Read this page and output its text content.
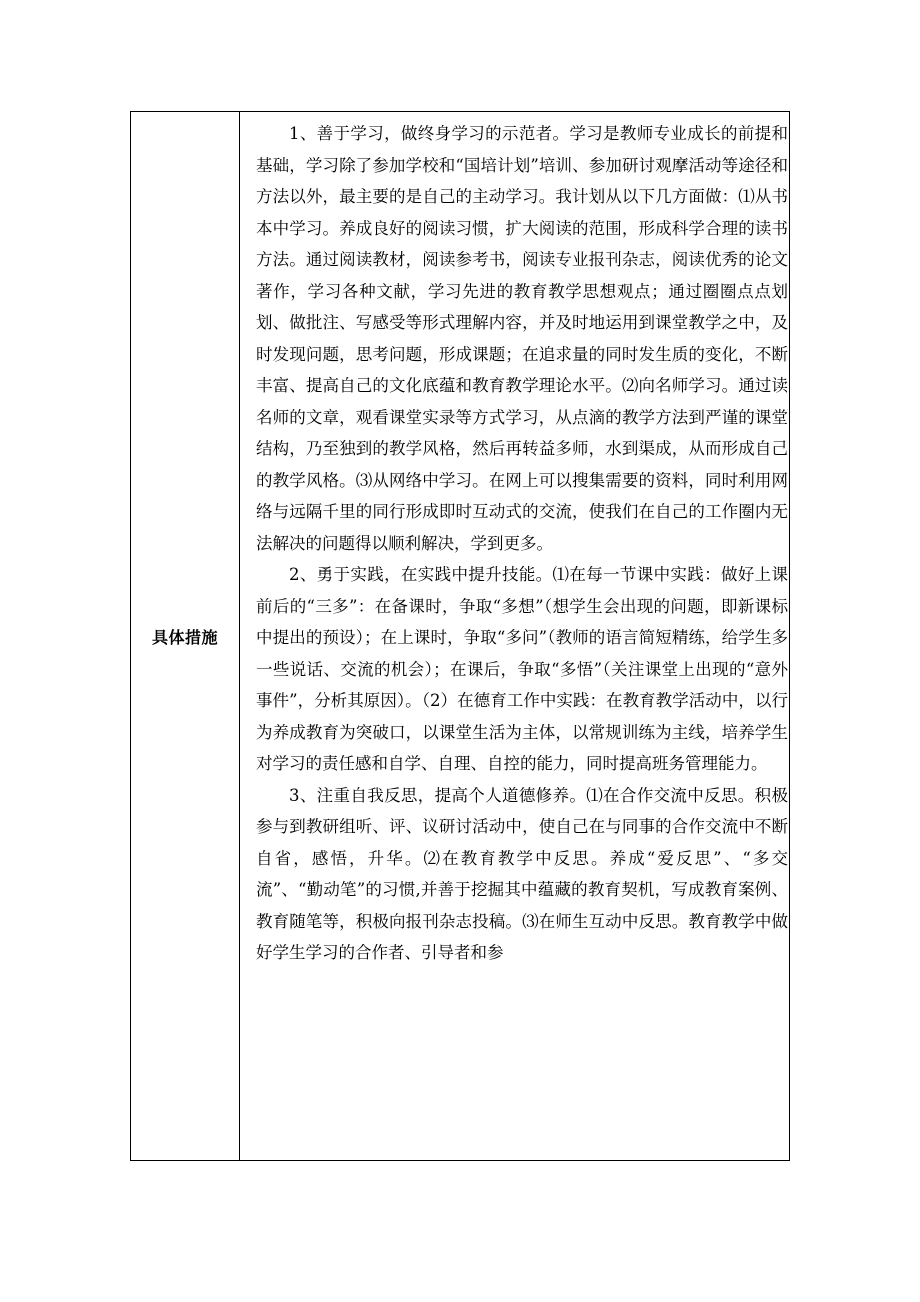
具体措施

1、善于学习，做终身学习的示范者。学习是教师专业成长的前提和基础，学习除了参加学校和“国培计划”培训、参加研讨观摩活动等途径和方法以外，最主要的是自己的主动学习。我计划从以下几方面做：⑴从书本中学习。养成良好的阅读习惯，扩大阅读的范围，形成科学合理的读书方法。通过阅读教材，阅读参考书，阅读专业报刊杂志，阅读优秀的论文著作，学习各种文献，学习先进的教育教学思想观点；通过圈圈点点划划、做批注、写感受等形式理解内容，并及时地运用到课堂教学之中，及时发现问题，思考问题，形成课题；在追求量的同时发生质的变化，不断丰富、提高自己的文化底蕴和教育教学理论水平。⑵向名师学习。通过读名师的文章，观看课堂实录等方式学习，从点滴的教学方法到严谨的课堂结构，乃至独到的教学风格，然后再转益多师，水到渠成，从而形成自己的教学风格。⑶从网络中学习。在网上可以搜集需要的资料，同时利用网络与远隔千里的同行形成即时互动式的交流，使我们在自己的工作圈内无法解决的问题得以顺利解决，学到更多。

2、勇于实践，在实践中提升技能。⑴在每一节课中实践：做好上课前后的“三多”：在备课时，争取“多想”（想学生会出现的问题，即新课标中提出的预设）；在上课时，争取“多问”（教师的语言简短精练，给学生多一些说话、交流的机会）；在课后，争取“多悟”（关注课堂上出现的“意外事件”，分析其原因）。（2）在德育工作中实践：在教育教学活动中，以行为养成教育为突破口，以课堂生活为主体，以常规训练为主线，培养学生对学习的责任感和自学、自理、自控的能力，同时提高班务管理能力。

3、注重自我反思，提高个人道德修养。⑴在合作交流中反思。积极参与到教研组听、评、议研讨活动中，使自己在与同事的合作交流中不断自省，感悟，升华。⑵在教育教学中反思。养成“爱反思”、“多交流”、“勤动笔”的习惯,并善于挖掘其中蕴藏的教育契机，写成教育案例、教育随笔等，积极向报刊杂志投稿。⑶在师生互动中反思。教育教学中做好学生学习的合作者、引导者和参
